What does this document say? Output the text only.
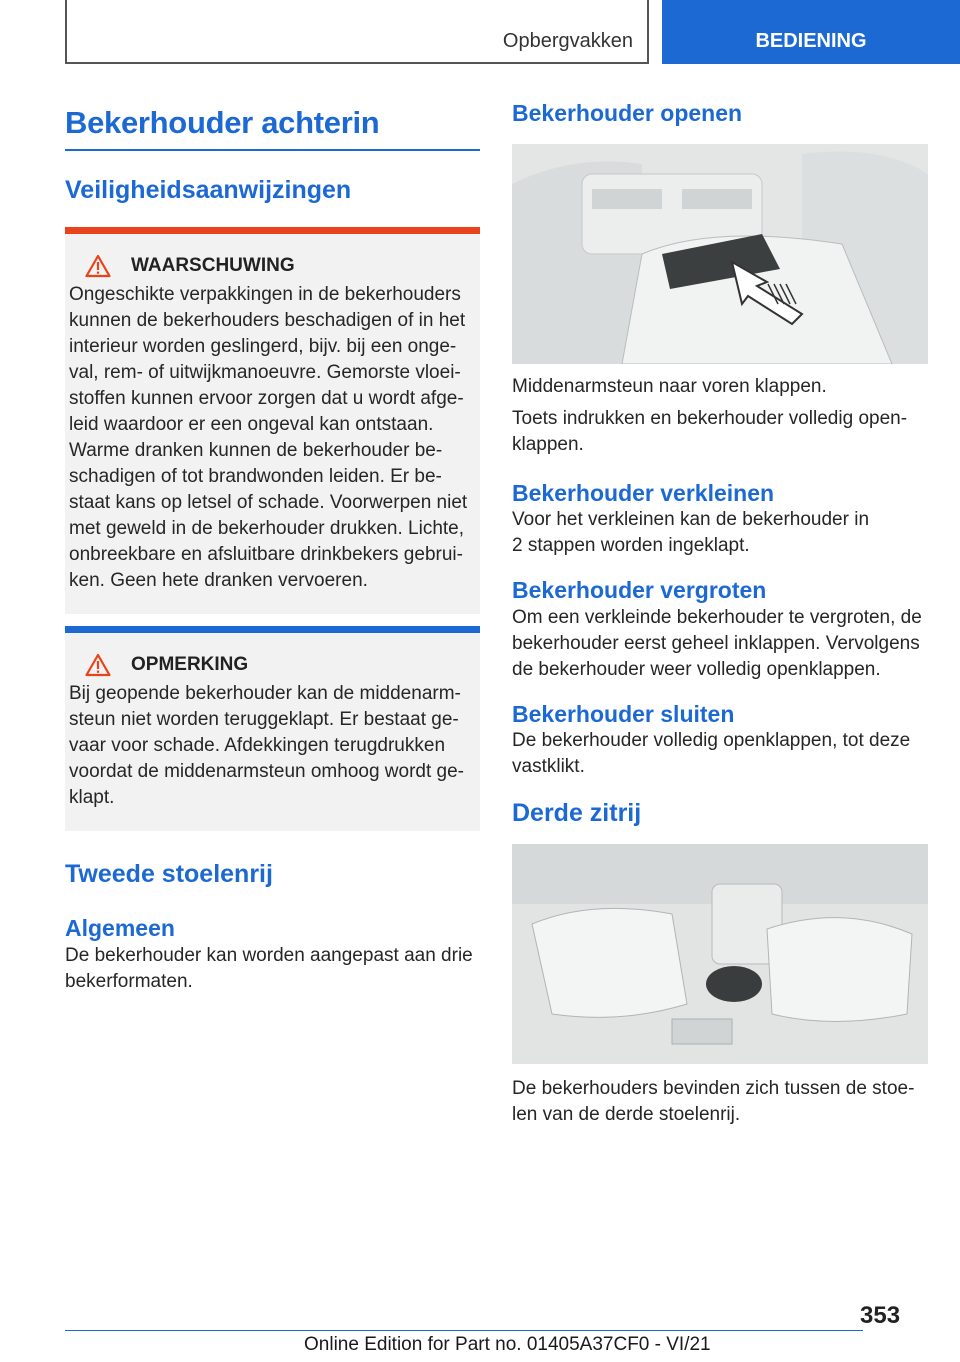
Opbergvakken	BEDIENING
Bekerhouder achterin
Veiligheidsaanwijzingen
WAARSCHUWING

Ongeschikte verpakkingen in de bekerhouders
kunnen de bekerhouders beschadigen of in het
interieur worden geslingerd, bijv. bij een onge-
val, rem- of uitwijkmanoeuvre. Gemorste vloei-
stoffen kunnen ervoor zorgen dat u wordt afge-
leid waardoor er een ongeval kan ontstaan.
Warme dranken kunnen de bekerhouder be-
schadigen of tot brandwonden leiden. Er be-
staat kans op letsel of schade. Voorwerpen niet
met geweld in de bekerhouder drukken. Lichte,
onbreekbare en afsluitbare drinkbekers gebrui-
ken. Geen hete dranken vervoeren.

OPMERKING

Bij geopende bekerhouder kan de middenarm-
steun niet worden teruggeklapt. Er bestaat ge-
vaar voor schade. Afdekkingen terugdrukken
voordat de middenarmsteun omhoog wordt ge-
klapt.

Tweede stoelenrij
Algemeen

De bekerhouder kan worden aangepast aan drie
bekerformaten.

Bekerhouder openen

Middenarmsteun naar voren klappen.

Toets indrukken en bekerhouder volledig open-
klappen.

Bekerhouder verkleinen

Voor het verkleinen kan de bekerhouder in
2 stappen worden ingeklapt.

Bekerhouder vergroten

Om een verkleinde bekerhouder te vergroten, de
bekerhouder eerst geheel inklappen. Vervolgens
de bekerhouder weer volledig openklappen.

Bekerhouder sluiten

De bekerhouder volledig openklappen, tot deze
vastklikt.

Derde zitrij

De bekerhouders bevinden zich tussen de stoe-
len van de derde stoelenrij.

353
Online Edition for Part no. 01405A37CF0 - VI/21
